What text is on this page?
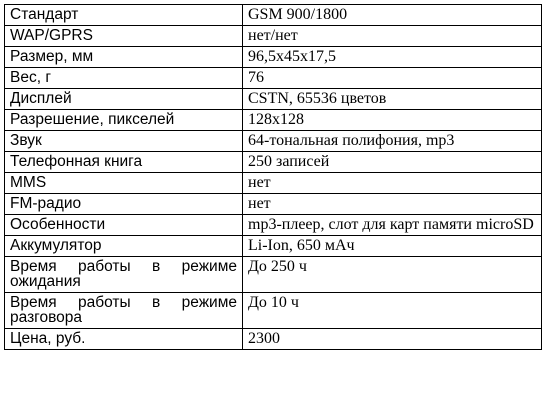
Стандарт	GSM 900/1800
WAP/GPRS	нет/нет
Размер, мм	96,5x45x17,5
Вес, г	76
Дисплей	CSTN, 65536 цветов
Разрешение, пикселей	128x128
Звук	64-тональная полифония, mp3
Телефонная книга	250 записей
MMS	нет
FM-радио	нет
Особенности	mp3-плеер, слот для карт памяти microSD
Аккумулятор	Li-Ion, 650 мАч
Время работы в режиме ожидания	До 250 ч
Время работы в режиме разговора	До 10 ч
Цена, руб.	2300
